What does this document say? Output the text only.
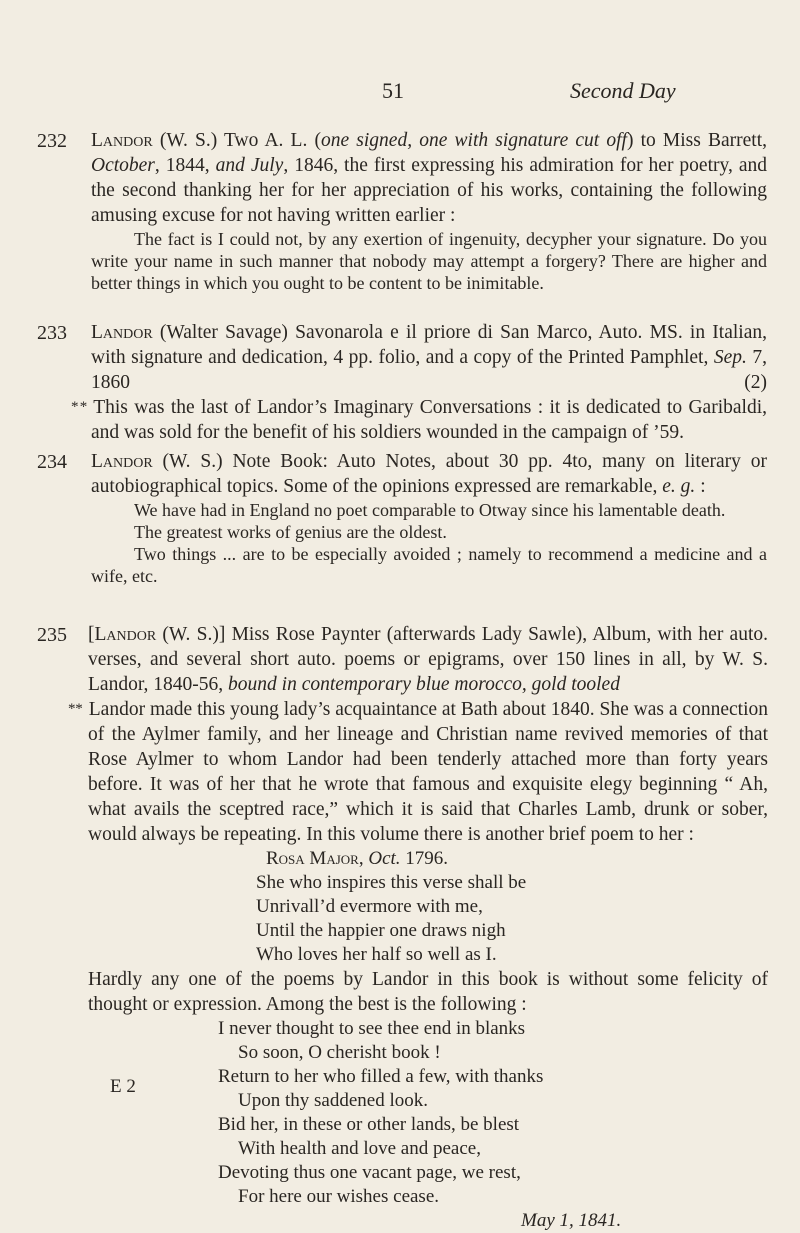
51	Second Day
232 Landor (W. S.) Two A. L. (one signed, one with signature cut off) to Miss Barrett, October, 1844, and July, 1846, the first expressing his admiration for her poetry, and the second thanking her for her appreciation of his works, containing the following amusing excuse for not having written earlier :

The fact is I could not, by any exertion of ingenuity, decypher your signature. Do you write your name in such manner that nobody may attempt a forgery? There are higher and better things in which you ought to be content to be inimitable.

233 Landor (Walter Savage) Savonarola e il priore di San Marco, Auto. MS. in Italian, with signature and dedication, 4 pp. folio, and a copy of the Printed Pamphlet, Sep. 7, 1860	(2)

* * This was the last of Landor’s Imaginary Conversations : it is dedicated to Garibaldi, and was sold for the benefit of his soldiers wounded in the campaign of ’59.

234 Landor (W. S.) Note Book: Auto Notes, about 30 pp. 4to, many on literary or autobiographical topics. Some of the opinions expressed are remarkable, e. g. :

We have had in England no poet comparable to Otway since his lamentable death.

The greatest works of genius are the oldest.

Two things ... are to be especially avoided ; namely to recommend a medicine and a wife, etc.

235 [Landor (W. S.)] Miss Rose Paynter (afterwards Lady Sawle), Album, with her auto. verses, and several short auto. poems or epigrams, over 150 lines in all, by W. S. Landor, 1840-56, bound in contemporary blue morocco, gold tooled

* * Landor made this young lady’s acquaintance at Bath about 1840. She was a connection of the Aylmer family, and her lineage and Christian name revived memories of that Rose Aylmer to whom Landor had been tenderly attached more than forty years before. It was of her that he wrote that famous and exquisite elegy beginning “ Ah, what avails the sceptred race,” which it is said that Charles Lamb, drunk or sober, would always be repeating. In this volume there is another brief poem to her :

Rosa Major, Oct. 1796.

She who inspires this verse shall be

Unrivall’d evermore with me,

Until the happier one draws nigh

Who loves her half so well as I.

Hardly any one of the poems by Landor in this book is without some felicity of thought or expression. Among the best is the following :

I never thought to see thee end in blanks

So soon, O cherisht book !

Return to her who filled a few, with thanks

Upon thy saddened look.

Bid her, in these or other lands, be blest

With health and love and peace,

Devoting thus one vacant page, we rest,

For here our wishes cease.

May 1, 1841.

E 2
